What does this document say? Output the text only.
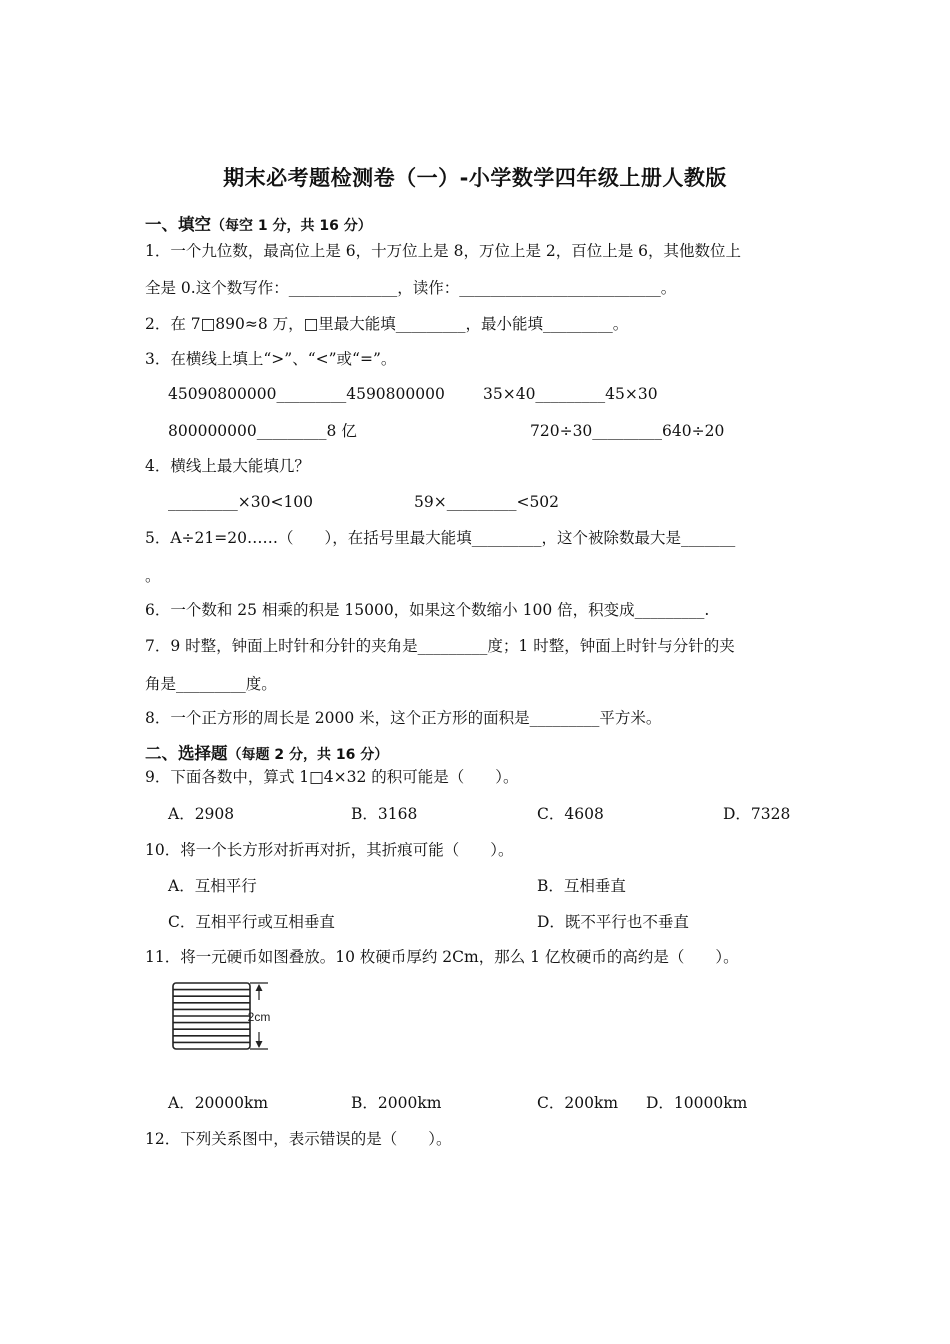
期末必考题检测卷（一）-小学数学四年级上册人教版
一、填空（每空 1 分，共 16 分）
1．一个九位数，最高位上是 6，十万位上是 8，万位上是 2，百位上是 6，其他数位上
全是 0.这个数写作：______________，读作：__________________________。
2．在 7□890≈8 万，□里最大能填_________，最小能填_________。
3．在横线上填上“>”、“<”或“=”。
45090800000_________4590800000 35×40_________45×30
800000000_________8 亿	720÷30_________640÷20
4．横线上最大能填几？
_________×30<100	59×_________<502
5．A÷21=20……（　　），在括号里最大能填_________，这个被除数最大是_______
。
6．一个数和 25 相乘的积是 15000，如果这个数缩小 100 倍，积变成_________.
7．9 时整，钟面上时针和分针的夹角是_________度；1 时整，钟面上时针与分针的夹
角是_________度。
8．一个正方形的周长是 2000 米，这个正方形的面积是_________平方米。
二、选择题（每题 2 分，共 16 分）
9．下面各数中，算式 1□4×32 的积可能是（　　）。
A．2908	B．3168	C．4608	D．7328
10．将一个长方形对折再对折，其折痕可能（　　）。
A．互相平行	B．互相垂直
C．互相平行或互相垂直	D．既不平行也不垂直
11．将一元硬币如图叠放。10 枚硬币厚约 2Cm，那么 1 亿枚硬币的高约是（　　）。
2cm
A．20000km	B．2000km	C．200km D．10000km
12．下列关系图中，表示错误的是（　　）。
